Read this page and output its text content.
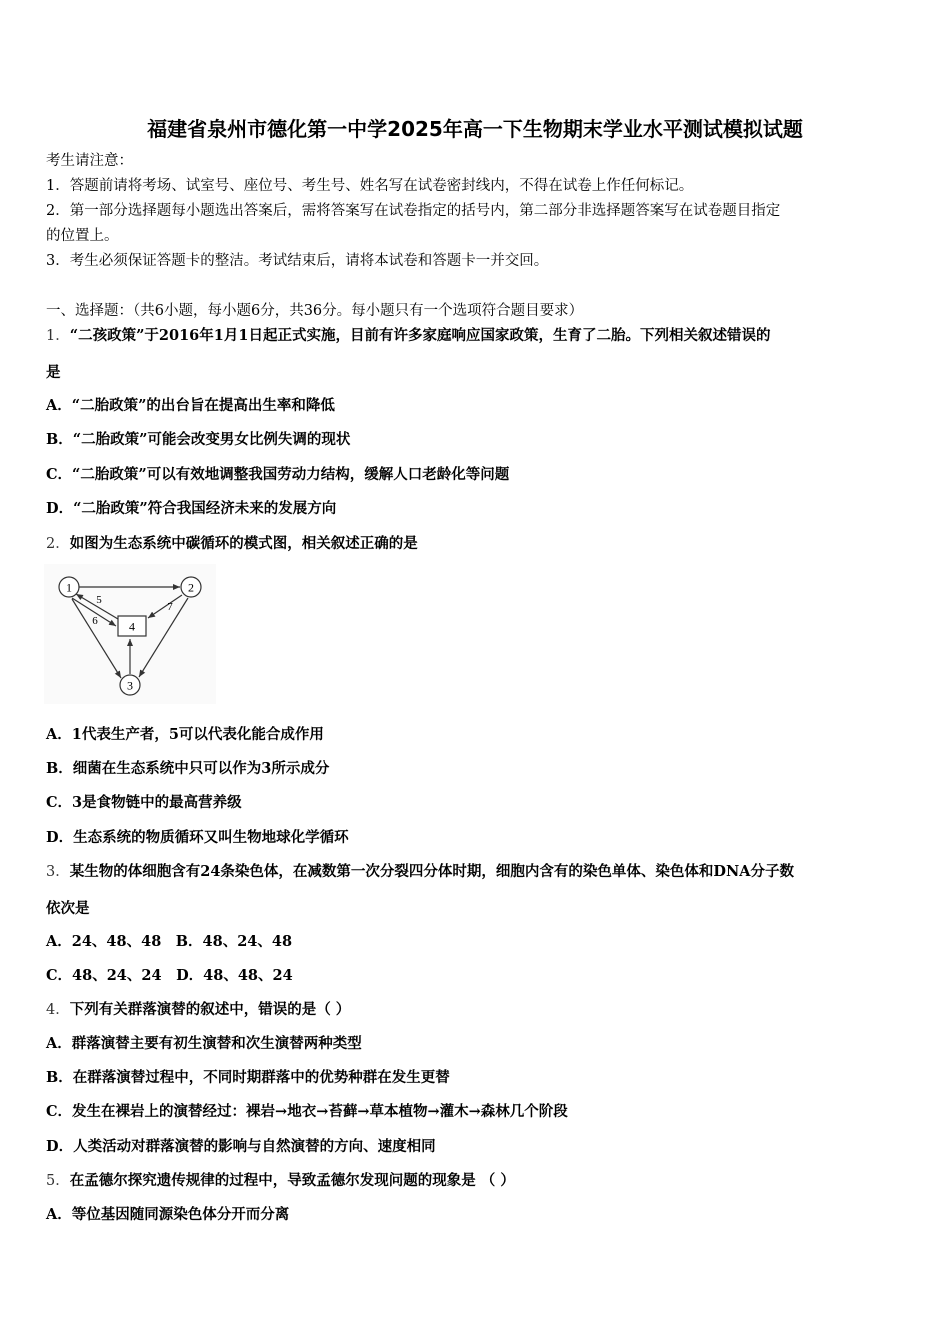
福建省泉州市德化第一中学2025年高一下生物期末学业水平测试模拟试题
考生请注意：
1．答题前请将考场、试室号、座位号、考生号、姓名写在试卷密封线内，不得在试卷上作任何标记。
2．第一部分选择题每小题选出答案后，需将答案写在试卷指定的括号内，第二部分非选择题答案写在试卷题目指定
的位置上。
3．考生必须保证答题卡的整洁。考试结束后，请将本试卷和答题卡一并交回。
一、选择题：（共6小题，每小题6分，共36分。每小题只有一个选项符合题目要求）
1．“二孩政策”于2016年1月1日起正式实施，目前有许多家庭响应国家政策，生育了二胎。下列相关叙述错误的
是
A．“二胎政策”的出台旨在提高出生率和降低
B．“二胎政策”可能会改变男女比例失调的现状
C．“二胎政策”可以有效地调整我国劳动力结构，缓解人口老龄化等问题
D．“二胎政策”符合我国经济未来的发展方向
2．如图为生态系统中碳循环的模式图，相关叙述正确的是
1	2
3
4
5
6
7
A．1代表生产者，5可以代表化能合成作用
B．细菌在生态系统中只可以作为3所示成分
C．3是食物链中的最高营养级
D．生态系统的物质循环又叫生物地球化学循环
3．某生物的体细胞含有24条染色体，在减数第一次分裂四分体时期，细胞内含有的染色单体、染色体和DNA分子数
依次是
A．24、48、48　B．48、24、48
C．48、24、24　D．48、48、24
4．下列有关群落演替的叙述中，错误的是（ ）
A．群落演替主要有初生演替和次生演替两种类型
B．在群落演替过程中，不同时期群落中的优势种群在发生更替
C．发生在裸岩上的演替经过：裸岩→地衣→苔藓→草本植物→灌木→森林几个阶段
D．人类活动对群落演替的影响与自然演替的方向、速度相同
5．在孟德尔探究遗传规律的过程中，导致孟德尔发现问题的现象是 （ ）
A．等位基因随同源染色体分开而分离
